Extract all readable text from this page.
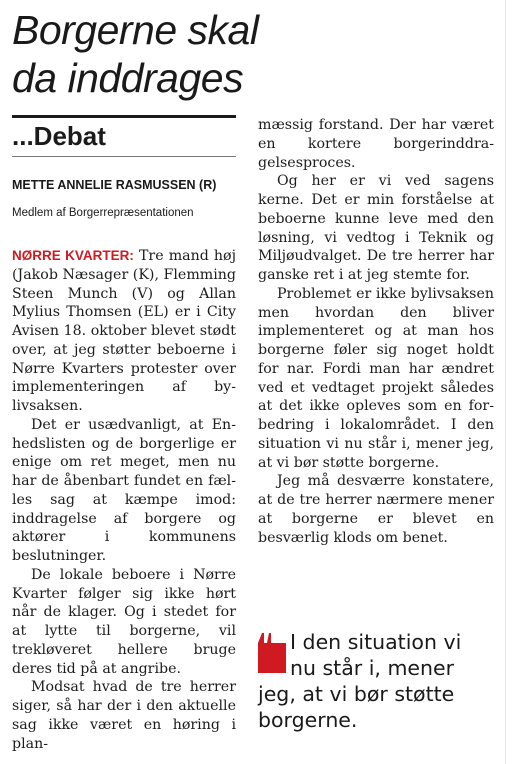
Borgerne skal
da inddrages
...Debat
METTE ANNELIE RASMUSSEN (R)
Medlem af Borgerrepræsentationen

NØRRE KVARTER: Tre mand høj (Jakob Næsager (K), Flemming Steen Munch (V) og Allan Mylius Thomsen (EL) er i City Avisen 18. oktober blevet stødt over, at jeg støtter beboerne i Nørre Kvarters protester over implementeringen af bylivsaksen.

Det er usædvanligt, at Enhedslisten og de borgerlige er enige om ret meget, men nu har de åbenbart fundet en fælles sag at kæmpe imod: inddragelse af borgere og aktører i kommunens beslutninger.

De lokale beboere i Nørre Kvarter følger sig ikke hørt når de klager. Og i stedet for at lytte til borgerne, vil trekløveret hellere bruge deres tid på at angribe.

Modsat hvad de tre herrer siger, så har der i den aktuelle sag ikke været en høring i plan-

mæssig forstand. Der har været en kortere borgerinddragelsesproces.

Og her er vi ved sagens kerne. Det er min forståelse at beboerne kunne leve med den løsning, vi vedtog i Teknik og Miljøudvalget. De tre herrer har ganske ret i at jeg stemte for.

Problemet er ikke bylivsaksen men hvordan den bliver implementeret og at man hos borgerne føler sig noget holdt for nar. Fordi man har ændret ved et vedtaget projekt således at det ikke opleves som en forbedring i lokalområdet. I den situation vi nu står i, mener jeg, at vi bør støtte borgerne.

Jeg må desværre konstatere, at de tre herrer nærmere mener at borgerne er blevet en besværlig klods om benet.

I den situation vi
nu står i, mener
jeg, at vi bør støtte
borgerne.
